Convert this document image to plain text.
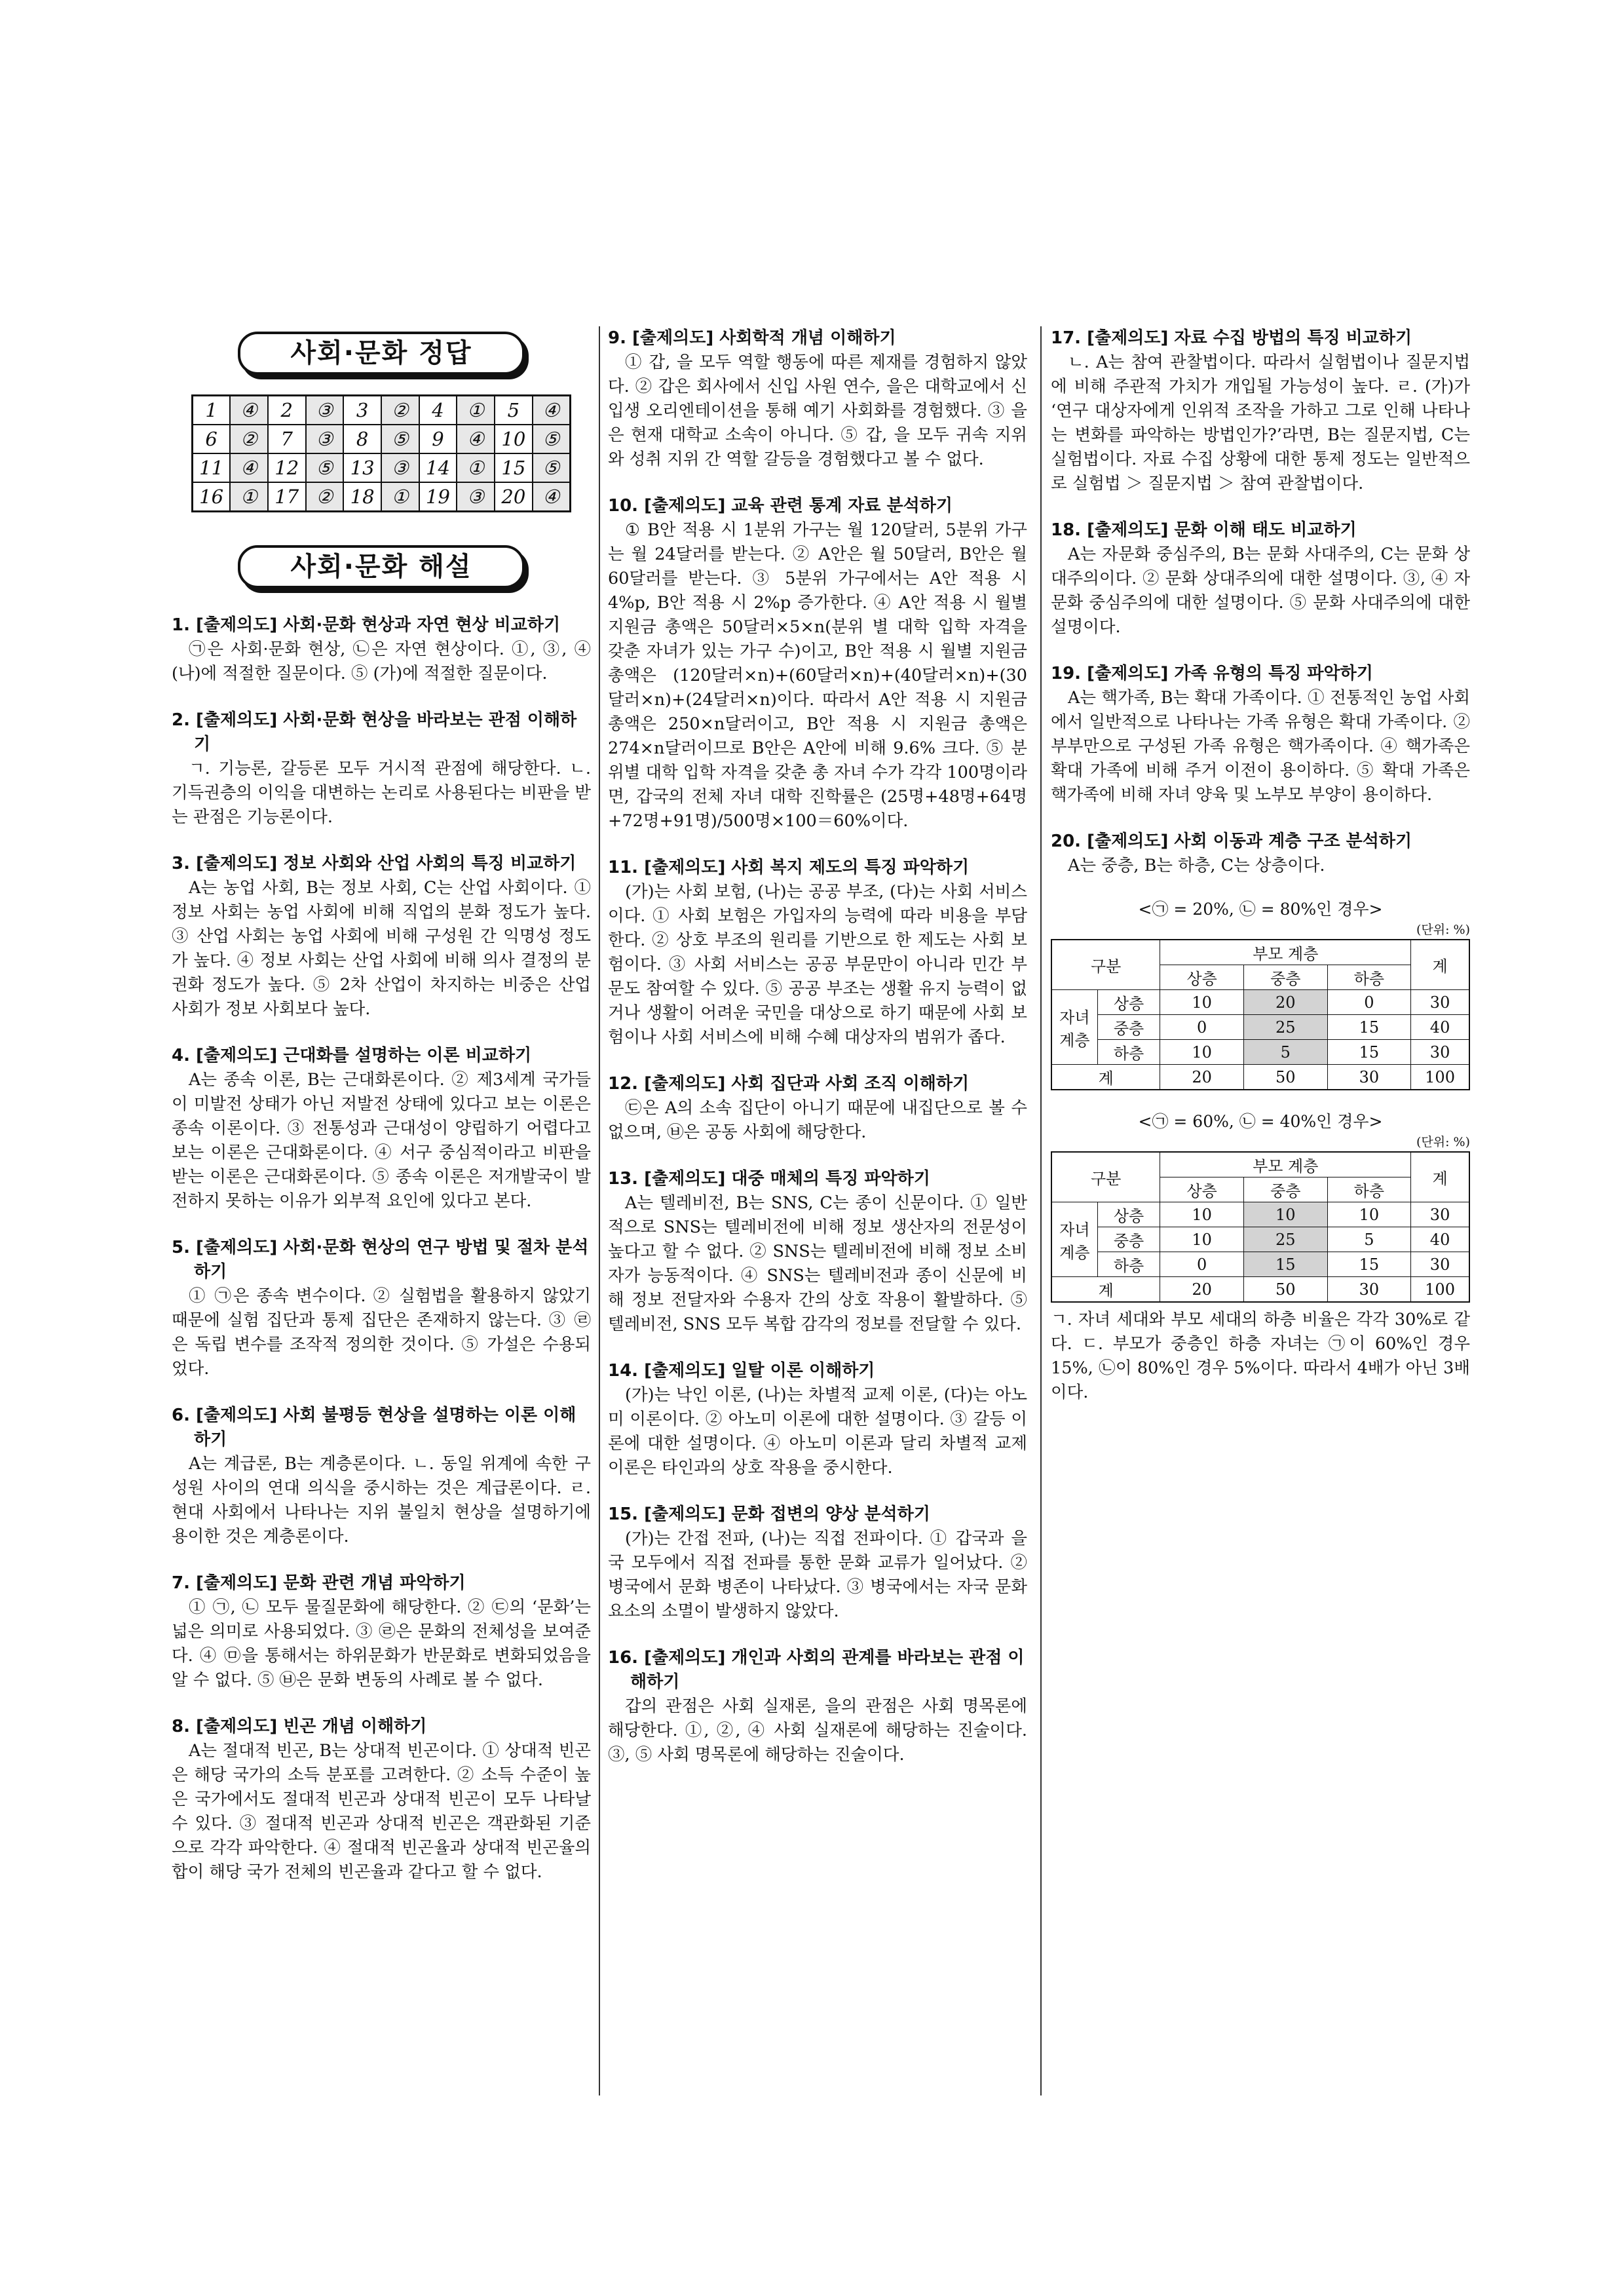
사회·문화 정답
1	④	2	③	3	②	4	①	5	④
6	②	7	③	8	⑤	9	④	10	⑤
11	④	12	⑤	13	③	14	①	15	⑤
16	①	17	②	18	①	19	③	20	④
사회·문화 해설
1. [출제의도] 사회·문화 현상과 자연 현상 비교하기
㉠은 사회·문화 현상, ㉡은 자연 현상이다. ①, ③, ④ (나)에 적절한 질문이다. ⑤ (가)에 적절한 질문이다.
2. [출제의도] 사회·문화 현상을 바라보는 관점 이해하기
ㄱ. 기능론, 갈등론 모두 거시적 관점에 해당한다. ㄴ. 기득권층의 이익을 대변하는 논리로 사용된다는 비판을 받는 관점은 기능론이다.
3. [출제의도] 정보 사회와 산업 사회의 특징 비교하기
A는 농업 사회, B는 정보 사회, C는 산업 사회이다. ① 정보 사회는 농업 사회에 비해 직업의 분화 정도가 높다. ③ 산업 사회는 농업 사회에 비해 구성원 간 익명성 정도가 높다. ④ 정보 사회는 산업 사회에 비해 의사 결정의 분권화 정도가 높다. ⑤ 2차 산업이 차지하는 비중은 산업 사회가 정보 사회보다 높다.
4. [출제의도] 근대화를 설명하는 이론 비교하기
A는 종속 이론, B는 근대화론이다. ② 제3세계 국가들이 미발전 상태가 아닌 저발전 상태에 있다고 보는 이론은 종속 이론이다. ③ 전통성과 근대성이 양립하기 어렵다고 보는 이론은 근대화론이다. ④ 서구 중심적이라고 비판을 받는 이론은 근대화론이다. ⑤ 종속 이론은 저개발국이 발전하지 못하는 이유가 외부적 요인에 있다고 본다.
5. [출제의도] 사회·문화 현상의 연구 방법 및 절차 분석하기
① ㉠은 종속 변수이다. ② 실험법을 활용하지 않았기 때문에 실험 집단과 통제 집단은 존재하지 않는다. ③ ㉣은 독립 변수를 조작적 정의한 것이다. ⑤ 가설은 수용되었다.
6. [출제의도] 사회 불평등 현상을 설명하는 이론 이해하기
A는 계급론, B는 계층론이다. ㄴ. 동일 위계에 속한 구성원 사이의 연대 의식을 중시하는 것은 계급론이다. ㄹ. 현대 사회에서 나타나는 지위 불일치 현상을 설명하기에 용이한 것은 계층론이다.
7. [출제의도] 문화 관련 개념 파악하기
① ㉠, ㉡ 모두 물질문화에 해당한다. ② ㉢의 ‘문화’는 넓은 의미로 사용되었다. ③ ㉣은 문화의 전체성을 보여준다. ④ ㉤을 통해서는 하위문화가 반문화로 변화되었음을 알 수 없다. ⑤ ㉥은 문화 변동의 사례로 볼 수 없다.
8. [출제의도] 빈곤 개념 이해하기
A는 절대적 빈곤, B는 상대적 빈곤이다. ① 상대적 빈곤은 해당 국가의 소득 분포를 고려한다. ② 소득 수준이 높은 국가에서도 절대적 빈곤과 상대적 빈곤이 모두 나타날 수 있다. ③ 절대적 빈곤과 상대적 빈곤은 객관화된 기준으로 각각 파악한다. ④ 절대적 빈곤율과 상대적 빈곤율의 합이 해당 국가 전체의 빈곤율과 같다고 할 수 없다.
9. [출제의도] 사회학적 개념 이해하기
① 갑, 을 모두 역할 행동에 따른 제재를 경험하지 않았다. ② 갑은 회사에서 신입 사원 연수, 을은 대학교에서 신입생 오리엔테이션을 통해 예기 사회화를 경험했다. ③ 을은 현재 대학교 소속이 아니다. ⑤ 갑, 을 모두 귀속 지위와 성취 지위 간 역할 갈등을 경험했다고 볼 수 없다.
10. [출제의도] 교육 관련 통계 자료 분석하기
① B안 적용 시 1분위 가구는 월 120달러, 5분위 가구는 월 24달러를 받는다. ② A안은 월 50달러, B안은 월 60달러를 받는다. ③ 5분위 가구에서는 A안 적용 시 4%p, B안 적용 시 2%p 증가한다. ④ A안 적용 시 월별 지원금 총액은 50달러×5×n(분위 별 대학 입학 자격을 갖춘 자녀가 있는 가구 수)이고, B안 적용 시 월별 지원금 총액은 (120달러×n)+(60달러×n)+(40달러×n)+(30달러×n)+(24달러×n)이다. 따라서 A안 적용 시 지원금 총액은 250×n달러이고, B안 적용 시 지원금 총액은 274×n달러이므로 B안은 A안에 비해 9.6% 크다. ⑤ 분위별 대학 입학 자격을 갖춘 총 자녀 수가 각각 100명이라면, 갑국의 전체 자녀 대학 진학률은 (25명+48명+64명+72명+91명)/500명×100＝60%이다.
11. [출제의도] 사회 복지 제도의 특징 파악하기
(가)는 사회 보험, (나)는 공공 부조, (다)는 사회 서비스이다. ① 사회 보험은 가입자의 능력에 따라 비용을 부담한다. ② 상호 부조의 원리를 기반으로 한 제도는 사회 보험이다. ③ 사회 서비스는 공공 부문만이 아니라 민간 부문도 참여할 수 있다. ⑤ 공공 부조는 생활 유지 능력이 없거나 생활이 어려운 국민을 대상으로 하기 때문에 사회 보험이나 사회 서비스에 비해 수혜 대상자의 범위가 좁다.
12. [출제의도] 사회 집단과 사회 조직 이해하기
㉢은 A의 소속 집단이 아니기 때문에 내집단으로 볼 수 없으며, ㉥은 공동 사회에 해당한다.
13. [출제의도] 대중 매체의 특징 파악하기
A는 텔레비전, B는 SNS, C는 종이 신문이다. ① 일반적으로 SNS는 텔레비전에 비해 정보 생산자의 전문성이 높다고 할 수 없다. ② SNS는 텔레비전에 비해 정보 소비자가 능동적이다. ④ SNS는 텔레비전과 종이 신문에 비해 정보 전달자와 수용자 간의 상호 작용이 활발하다. ⑤ 텔레비전, SNS 모두 복합 감각의 정보를 전달할 수 있다.
14. [출제의도] 일탈 이론 이해하기
(가)는 낙인 이론, (나)는 차별적 교제 이론, (다)는 아노미 이론이다. ② 아노미 이론에 대한 설명이다. ③ 갈등 이론에 대한 설명이다. ④ 아노미 이론과 달리 차별적 교제 이론은 타인과의 상호 작용을 중시한다.
15. [출제의도] 문화 접변의 양상 분석하기
(가)는 간접 전파, (나)는 직접 전파이다. ① 갑국과 을국 모두에서 직접 전파를 통한 문화 교류가 일어났다. ② 병국에서 문화 병존이 나타났다. ③ 병국에서는 자국 문화 요소의 소멸이 발생하지 않았다.
16. [출제의도] 개인과 사회의 관계를 바라보는 관점 이해하기
갑의 관점은 사회 실재론, 을의 관점은 사회 명목론에 해당한다. ①, ②, ④ 사회 실재론에 해당하는 진술이다. ③, ⑤ 사회 명목론에 해당하는 진술이다.
17. [출제의도] 자료 수집 방법의 특징 비교하기
ㄴ. A는 참여 관찰법이다. 따라서 실험법이나 질문지법에 비해 주관적 가치가 개입될 가능성이 높다. ㄹ. (가)가 ‘연구 대상자에게 인위적 조작을 가하고 그로 인해 나타나는 변화를 파악하는 방법인가?’라면, B는 질문지법, C는 실험법이다. 자료 수집 상황에 대한 통제 정도는 일반적으로 실험법 ＞ 질문지법 ＞ 참여 관찰법이다.
18. [출제의도] 문화 이해 태도 비교하기
A는 자문화 중심주의, B는 문화 사대주의, C는 문화 상대주의이다. ② 문화 상대주의에 대한 설명이다. ③, ④ 자문화 중심주의에 대한 설명이다. ⑤ 문화 사대주의에 대한 설명이다.
19. [출제의도] 가족 유형의 특징 파악하기
A는 핵가족, B는 확대 가족이다. ① 전통적인 농업 사회에서 일반적으로 나타나는 가족 유형은 확대 가족이다. ② 부부만으로 구성된 가족 유형은 핵가족이다. ④ 핵가족은 확대 가족에 비해 주거 이전이 용이하다. ⑤ 확대 가족은 핵가족에 비해 자녀 양육 및 노부모 부양이 용이하다.
20. [출제의도] 사회 이동과 계층 구조 분석하기
A는 중층, B는 하층, C는 상층이다.
<㉠ = 20%, ㉡ = 80%인 경우>
(단위: %)
구분		부모 계층			계
		상층	중층	하층	
자녀 계층	상층	10	20	0	30
	중층	0	25	15	40
	하층	10	5	15	30
계		20	50	30	100
<㉠ = 60%, ㉡ = 40%인 경우>
(단위: %)
구분		부모 계층			계
		상층	중층	하층	
자녀 계층	상층	10	10	10	30
	중층	10	25	5	40
	하층	0	15	15	30
계		20	50	30	100
ㄱ. 자녀 세대와 부모 세대의 하층 비율은 각각 30%로 같다. ㄷ. 부모가 중층인 하층 자녀는 ㉠이 60%인 경우 15%, ㉡이 80%인 경우 5%이다. 따라서 4배가 아닌 3배이다.
